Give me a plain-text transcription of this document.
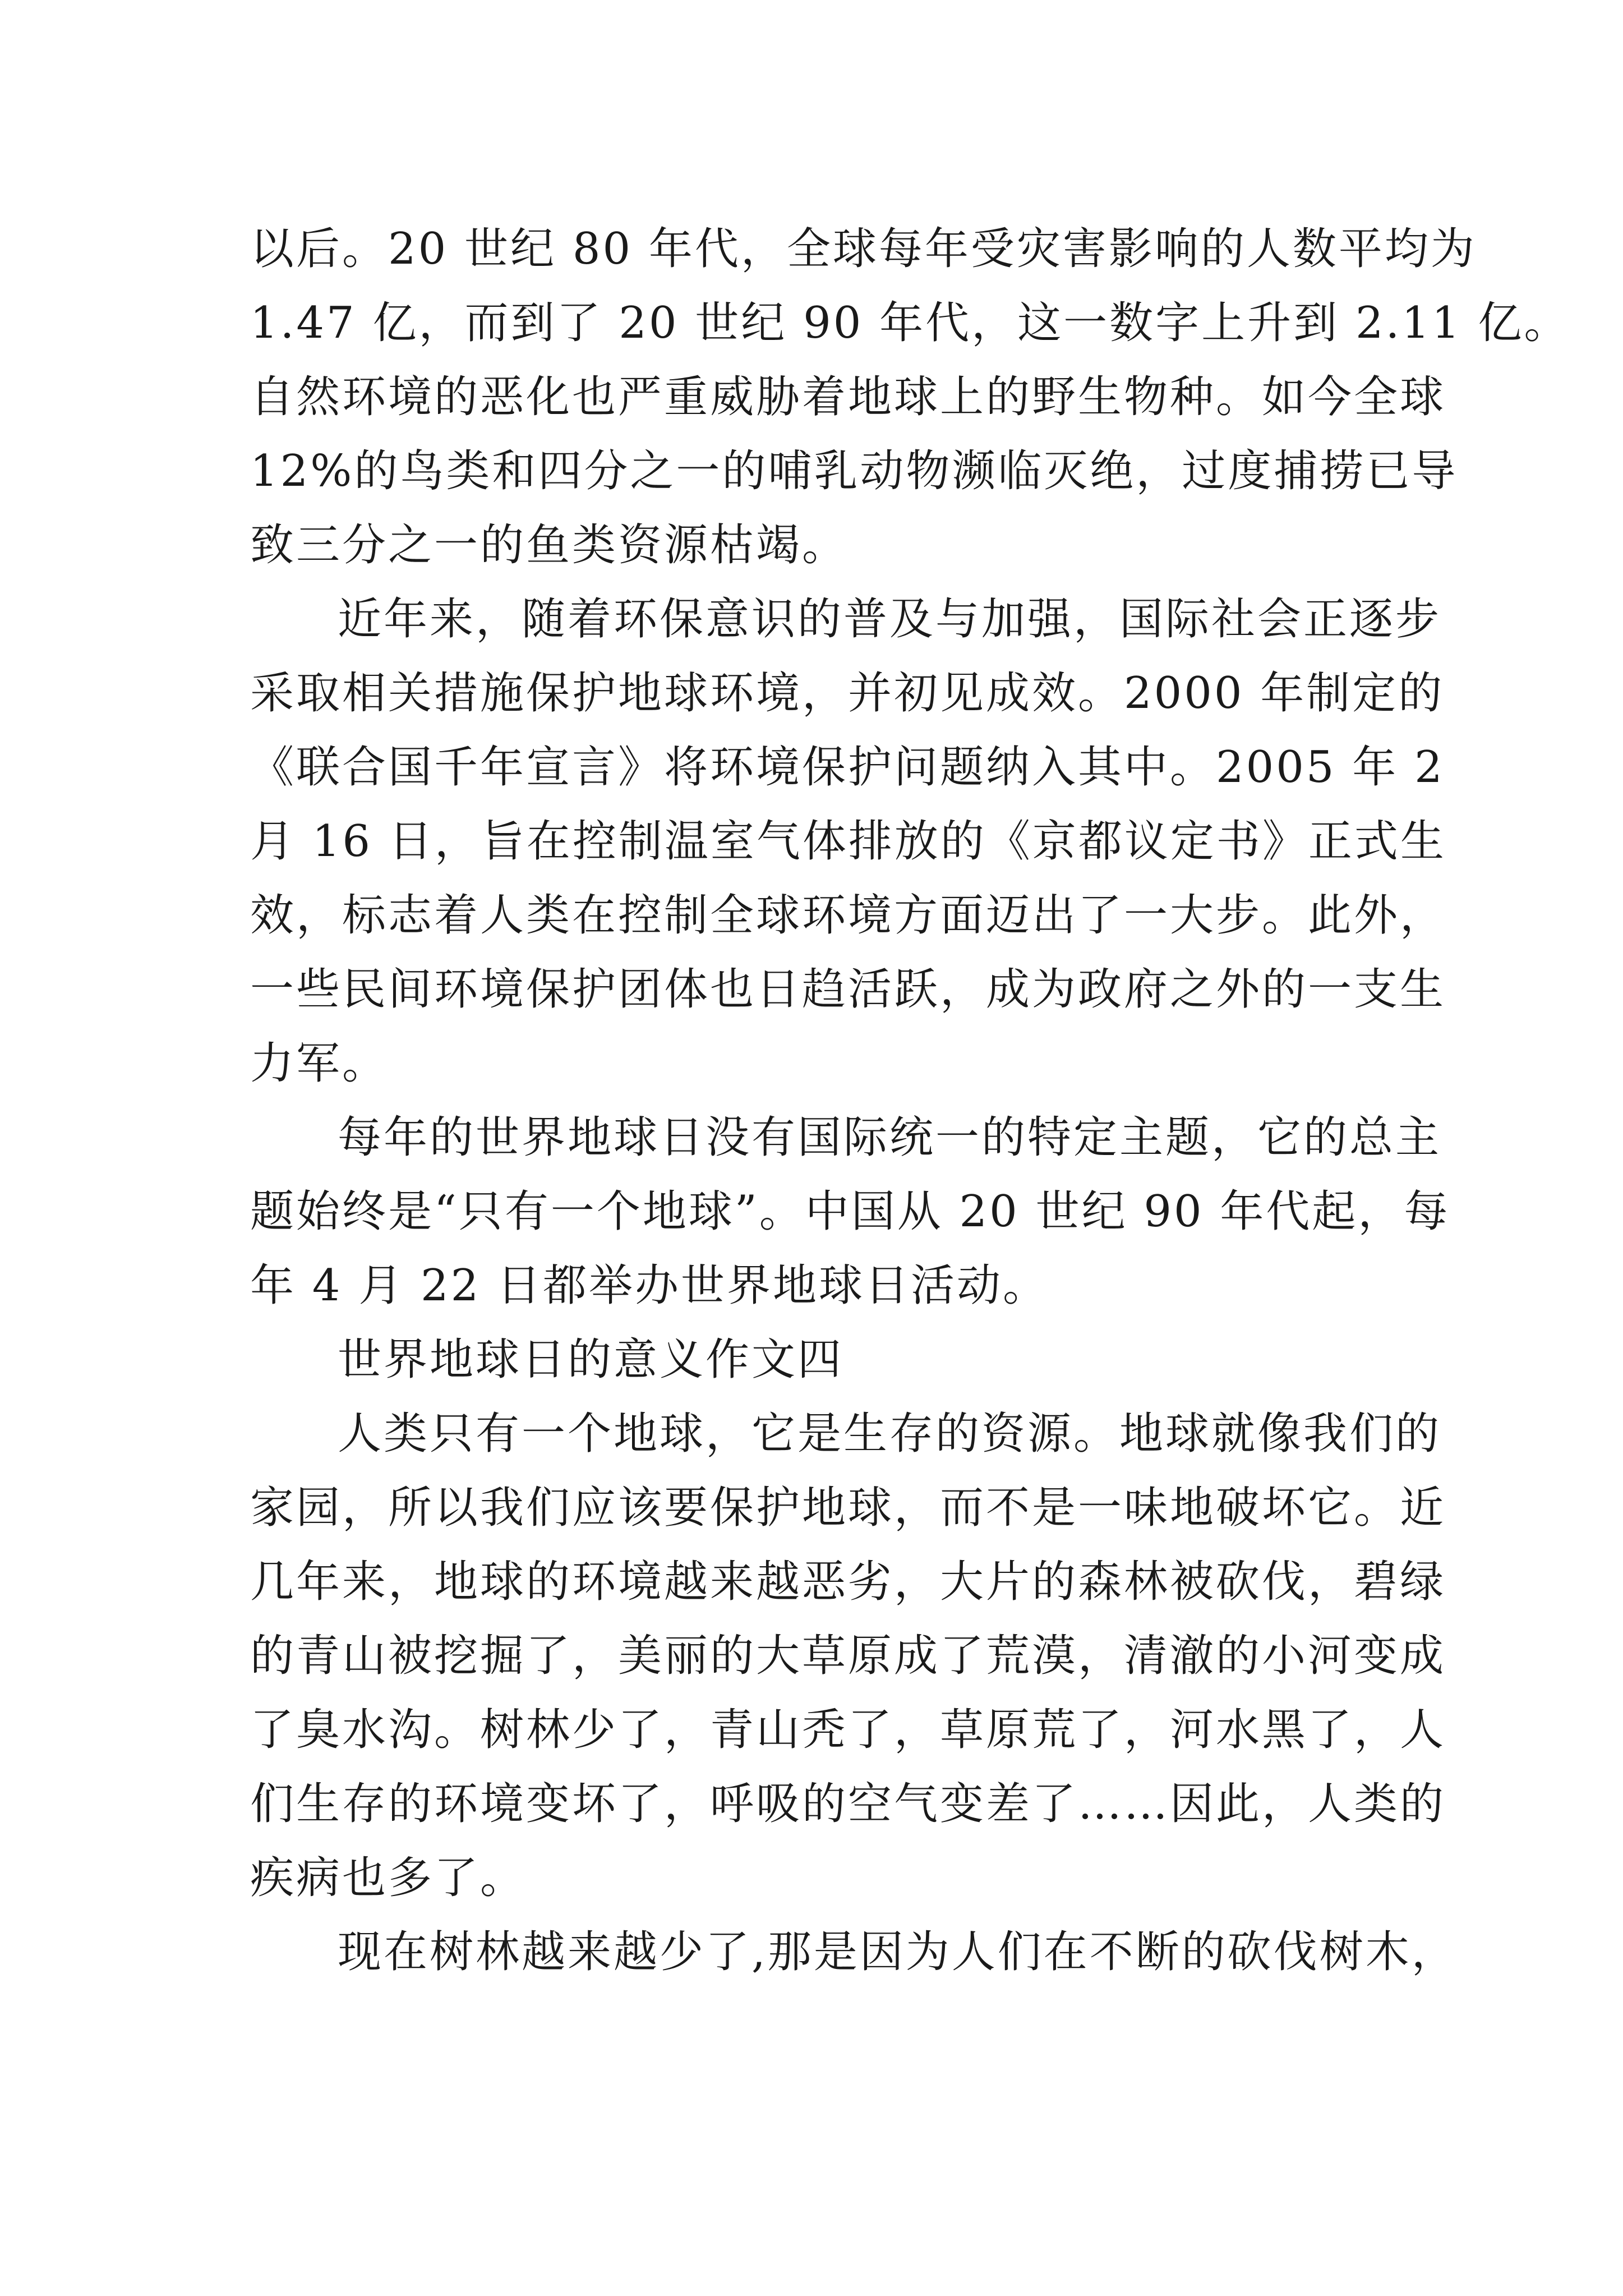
以后。20 世纪 80 年代，全球每年受灾害影响的人数平均为
1.47 亿，而到了 20 世纪 90 年代，这一数字上升到 2.11 亿。
自然环境的恶化也严重威胁着地球上的野生物种。如今全球
12%的鸟类和四分之一的哺乳动物濒临灭绝，过度捕捞已导
致三分之一的鱼类资源枯竭。
近年来，随着环保意识的普及与加强，国际社会正逐步
采取相关措施保护地球环境，并初见成效。2000 年制定的
《联合国千年宣言》将环境保护问题纳入其中。2005 年 2
月 16 日，旨在控制温室气体排放的《京都议定书》正式生
效，标志着人类在控制全球环境方面迈出了一大步。此外，
一些民间环境保护团体也日趋活跃，成为政府之外的一支生
力军。
每年的世界地球日没有国际统一的特定主题，它的总主
题始终是“只有一个地球”。中国从 20 世纪 90 年代起，每
年 4 月 22 日都举办世界地球日活动。
世界地球日的意义作文四
人类只有一个地球，它是生存的资源。地球就像我们的
家园，所以我们应该要保护地球，而不是一味地破坏它。近
几年来，地球的环境越来越恶劣，大片的森林被砍伐，碧绿
的青山被挖掘了，美丽的大草原成了荒漠，清澈的小河变成
了臭水沟。树林少了，青山秃了，草原荒了，河水黑了，人
们生存的环境变坏了，呼吸的空气变差了……因此，人类的
疾病也多了。
现在树林越来越少了,那是因为人们在不断的砍伐树木，
